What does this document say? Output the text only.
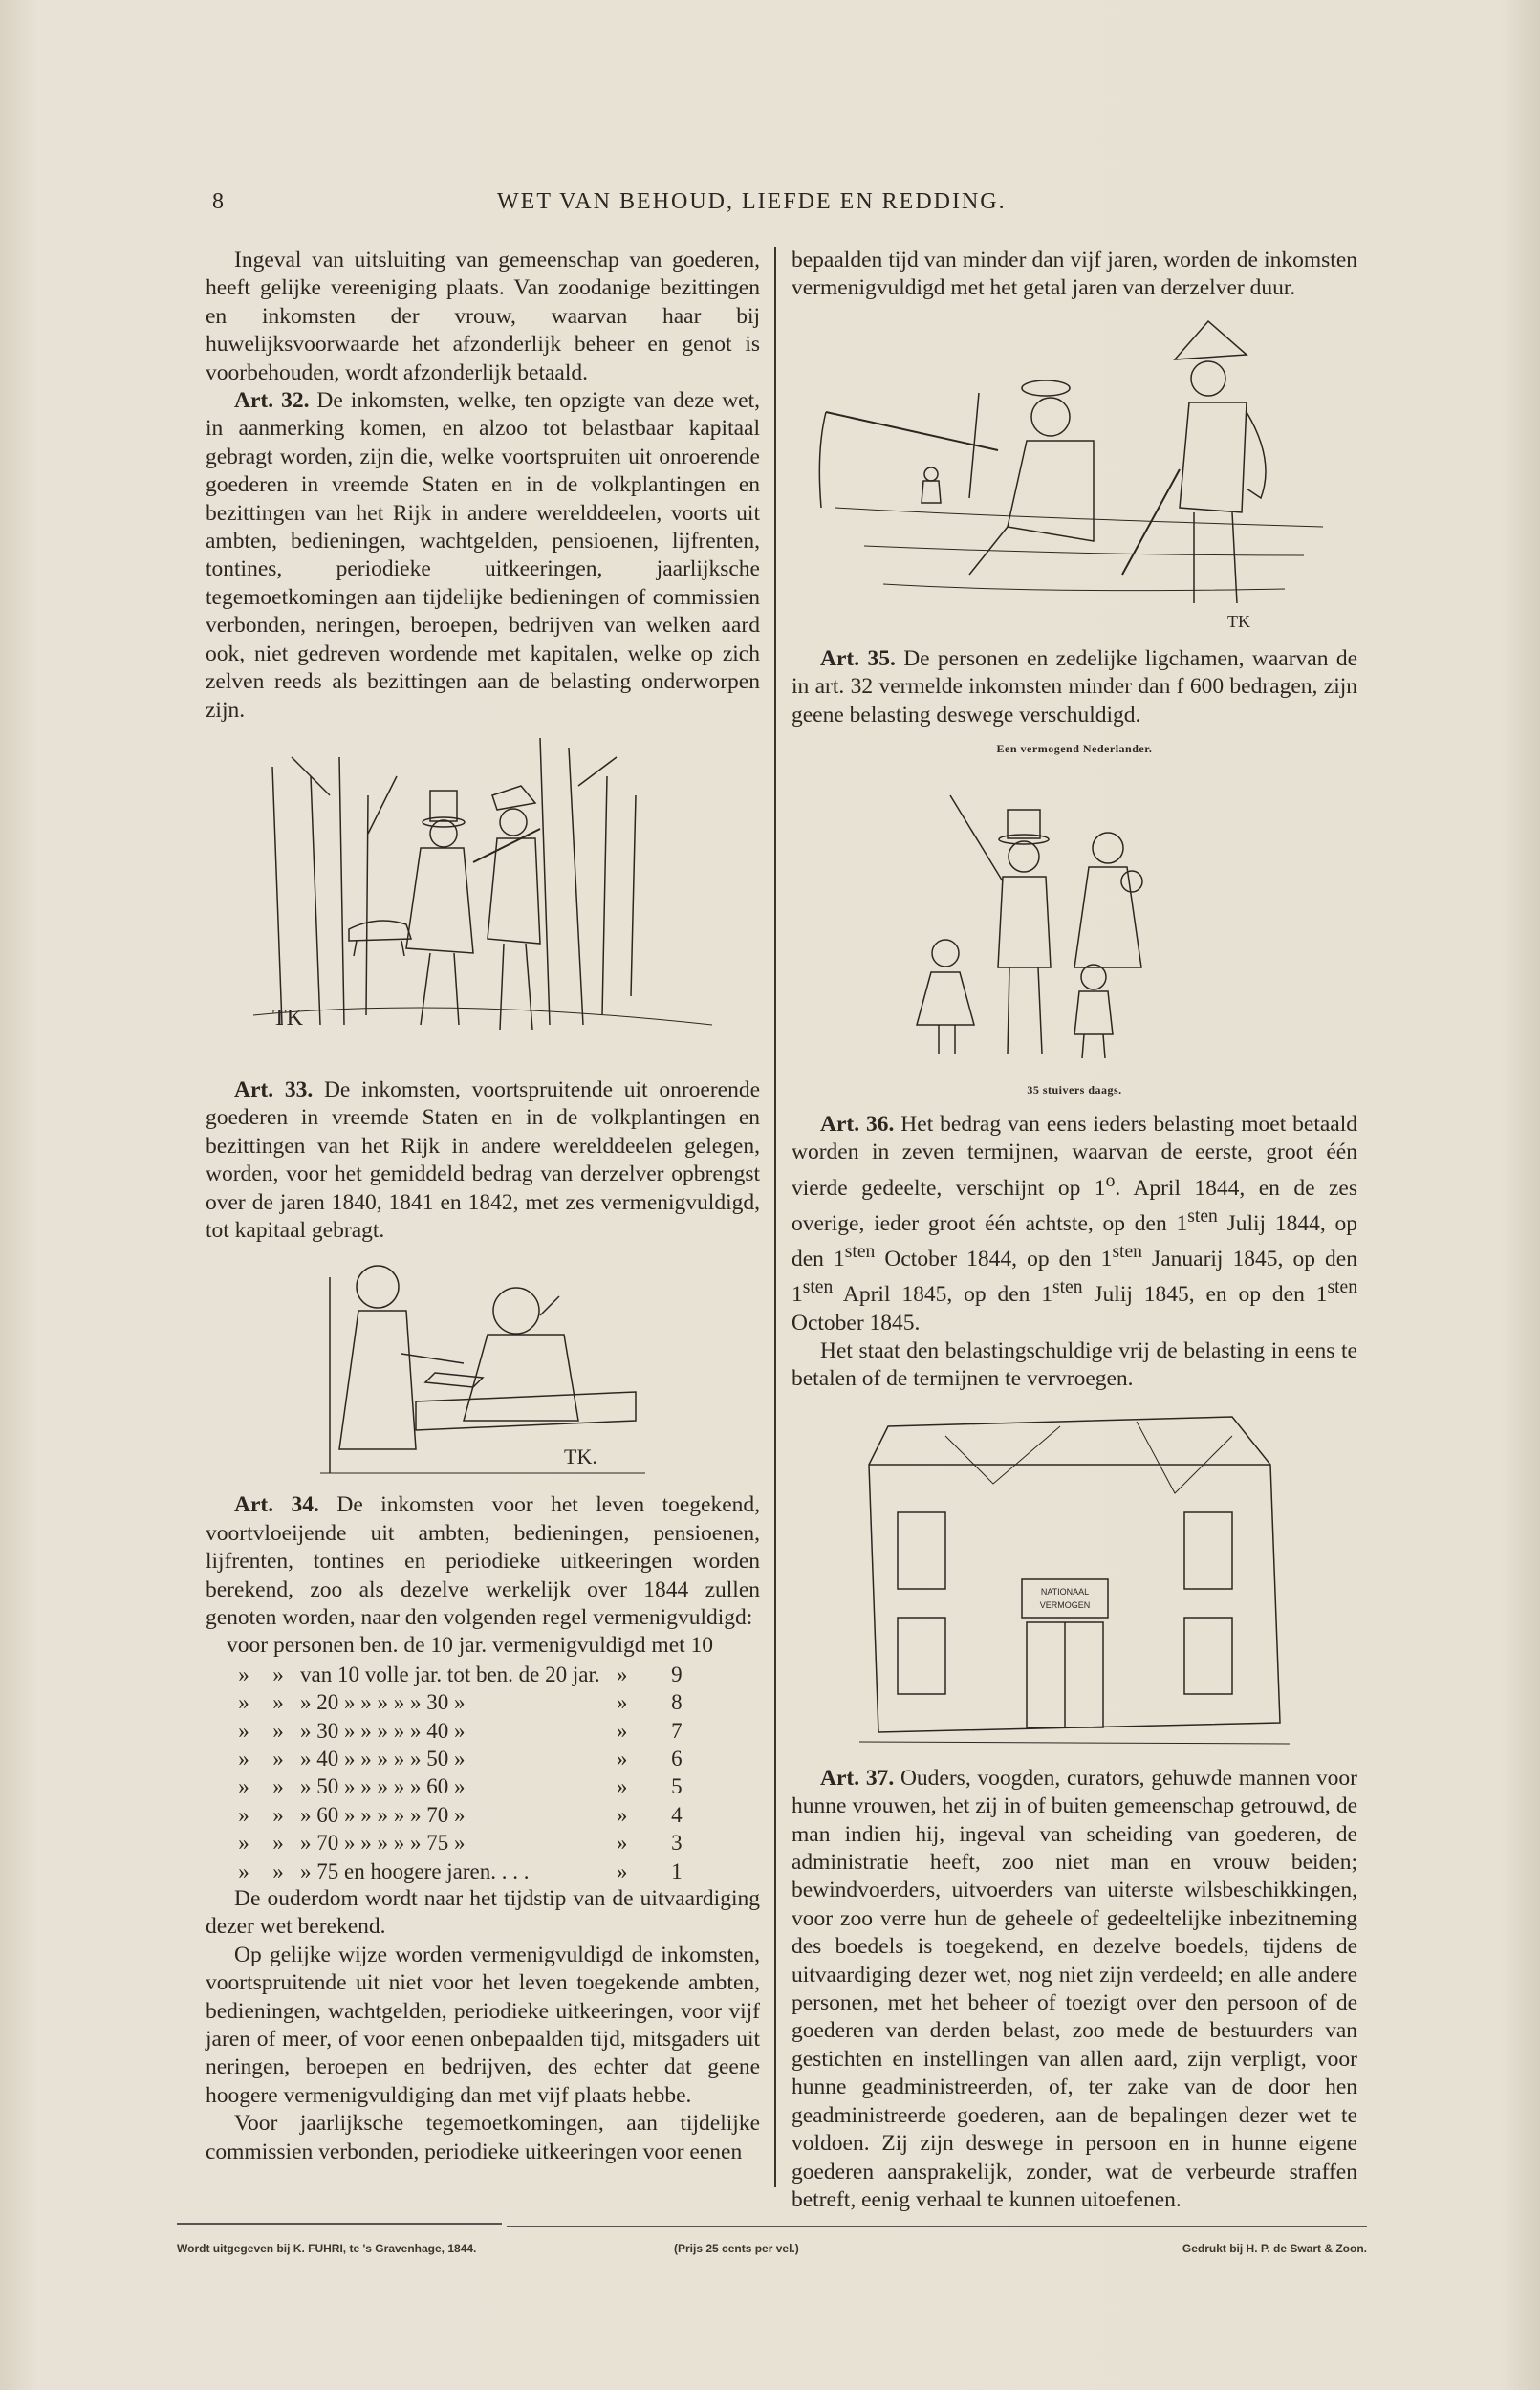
8	WET VAN BEHOUD, LIEFDE EN REDDING.

Ingeval van uitsluiting van gemeenschap van goederen, heeft gelijke vereeniging plaats. Van zoodanige bezittingen en inkomsten der vrouw, waarvan haar bij huwelijksvoorwaarde het afzonderlijk beheer en genot is voorbehouden, wordt afzonderlijk betaald.

Art. 32. De inkomsten, welke, ten opzigte van deze wet, in aanmerking komen, en alzoo tot belastbaar kapitaal gebragt worden, zijn die, welke voortspruiten uit onroerende goederen in vreemde Staten en in de volkplantingen en bezittingen van het Rijk in andere werelddeelen, voorts uit ambten, bedieningen, wachtgelden, pensioenen, lijfrenten, tontines, periodieke uitkeeringen, jaarlijksche tegemoetkomingen aan tijdelijke bedieningen of commissien verbonden, neringen, beroepen, bedrijven van welken aard ook, niet gedreven wordende met kapitalen, welke op zich zelven reeds als bezittingen aan de belasting onderworpen zijn.

TK

Art. 33. De inkomsten, voortspruitende uit onroerende goederen in vreemde Staten en in de volkplantingen en bezittingen van het Rijk in andere werelddeelen gelegen, worden, voor het gemiddeld bedrag van derzelver opbrengst over de jaren 1840, 1841 en 1842, met zes vermenigvuldigd, tot kapitaal gebragt.

TK.

Art. 34. De inkomsten voor het leven toegekend, voortvloeijende uit ambten, bedieningen, pensioenen, lijfrenten, tontines en periodieke uitkeeringen worden berekend, zoo als dezelve werkelijk over 1844 zullen genoten worden, naar den volgenden regel vermenigvuldigd:

voor personen ben. de 10 jar. vermenigvuldigd met 10

»	»	van 10 volle jar. tot ben. de 20 jar.	»	9
»	»	» 20 » » » » » 30 »	»	8
»	»	» 30 » » » » » 40 »	»	7
»	»	» 40 » » » » » 50 »	»	6
»	»	» 50 » » » » » 60 »	»	5
»	»	» 60 » » » » » 70 »	»	4
»	»	» 70 » » » » » 75 »	»	3
»	»	» 75 en hoogere jaren. . . .	»	1

De ouderdom wordt naar het tijdstip van de uitvaardiging dezer wet berekend.

Op gelijke wijze worden vermenigvuldigd de inkomsten, voortspruitende uit niet voor het leven toegekende ambten, bedieningen, wachtgelden, periodieke uitkeeringen, voor vijf jaren of meer, of voor eenen onbepaalden tijd, mitsgaders uit neringen, beroepen en bedrijven, des echter dat geene hoogere vermenigvuldiging dan met vijf plaats hebbe.

Voor jaarlijksche tegemoetkomingen, aan tijdelijke commissien verbonden, periodieke uitkeeringen voor eenen

bepaalden tijd van minder dan vijf jaren, worden de inkomsten vermenigvuldigd met het getal jaren van derzelver duur.

TK

Art. 35. De personen en zedelijke ligchamen, waarvan de in art. 32 vermelde inkomsten minder dan f 600 bedragen, zijn geene belasting deswege verschuldigd.

Een vermogend Nederlander.

35 stuivers daags.

Art. 36. Het bedrag van eens ieders belasting moet betaald worden in zeven termijnen, waarvan de eerste, groot één vierde gedeelte, verschijnt op 1$^o$. April 1844, en de zes overige, ieder groot één achtste, op den $1^{sten}$ Julij 1844, op den $1^{sten}$ October 1844, op den $1^{sten}$ Januarij 1845, op den $1^{sten}$ April 1845, op den $1^{sten}$ Julij 1845, en op den $1^{sten}$ October 1845.

Het staat den belastingschuldige vrij de belasting in eens te betalen of de termijnen te vervroegen.

NATIONAAL
VERMOGEN

Art. 37. Ouders, voogden, curators, gehuwde mannen voor hunne vrouwen, het zij in of buiten gemeenschap getrouwd, de man indien hij, ingeval van scheiding van goederen, de administratie heeft, zoo niet man en vrouw beiden; bewindvoerders, uitvoerders van uiterste wilsbeschikkingen, voor zoo verre hun de geheele of gedeeltelijke inbezitneming des boedels is toegekend, en dezelve boedels, tijdens de uitvaardiging dezer wet, nog niet zijn verdeeld; en alle andere personen, met het beheer of toezigt over den persoon of de goederen van derden belast, zoo mede de bestuurders van gestichten en instellingen van allen aard, zijn verpligt, voor hunne geadministreerden, of, ter zake van de door hen geadministreerde goederen, aan de bepalingen dezer wet te voldoen. Zij zijn deswege in persoon en in hunne eigene goederen aansprakelijk, zonder, wat de verbeurde straffen betreft, eenig verhaal te kunnen uitoefenen.

Wordt uitgegeven bij K. FUHRI, te 's Gravenhage, 1844.	(Prijs 25 cents per vel.)	Gedrukt bij H. P. de Swart & Zoon.
